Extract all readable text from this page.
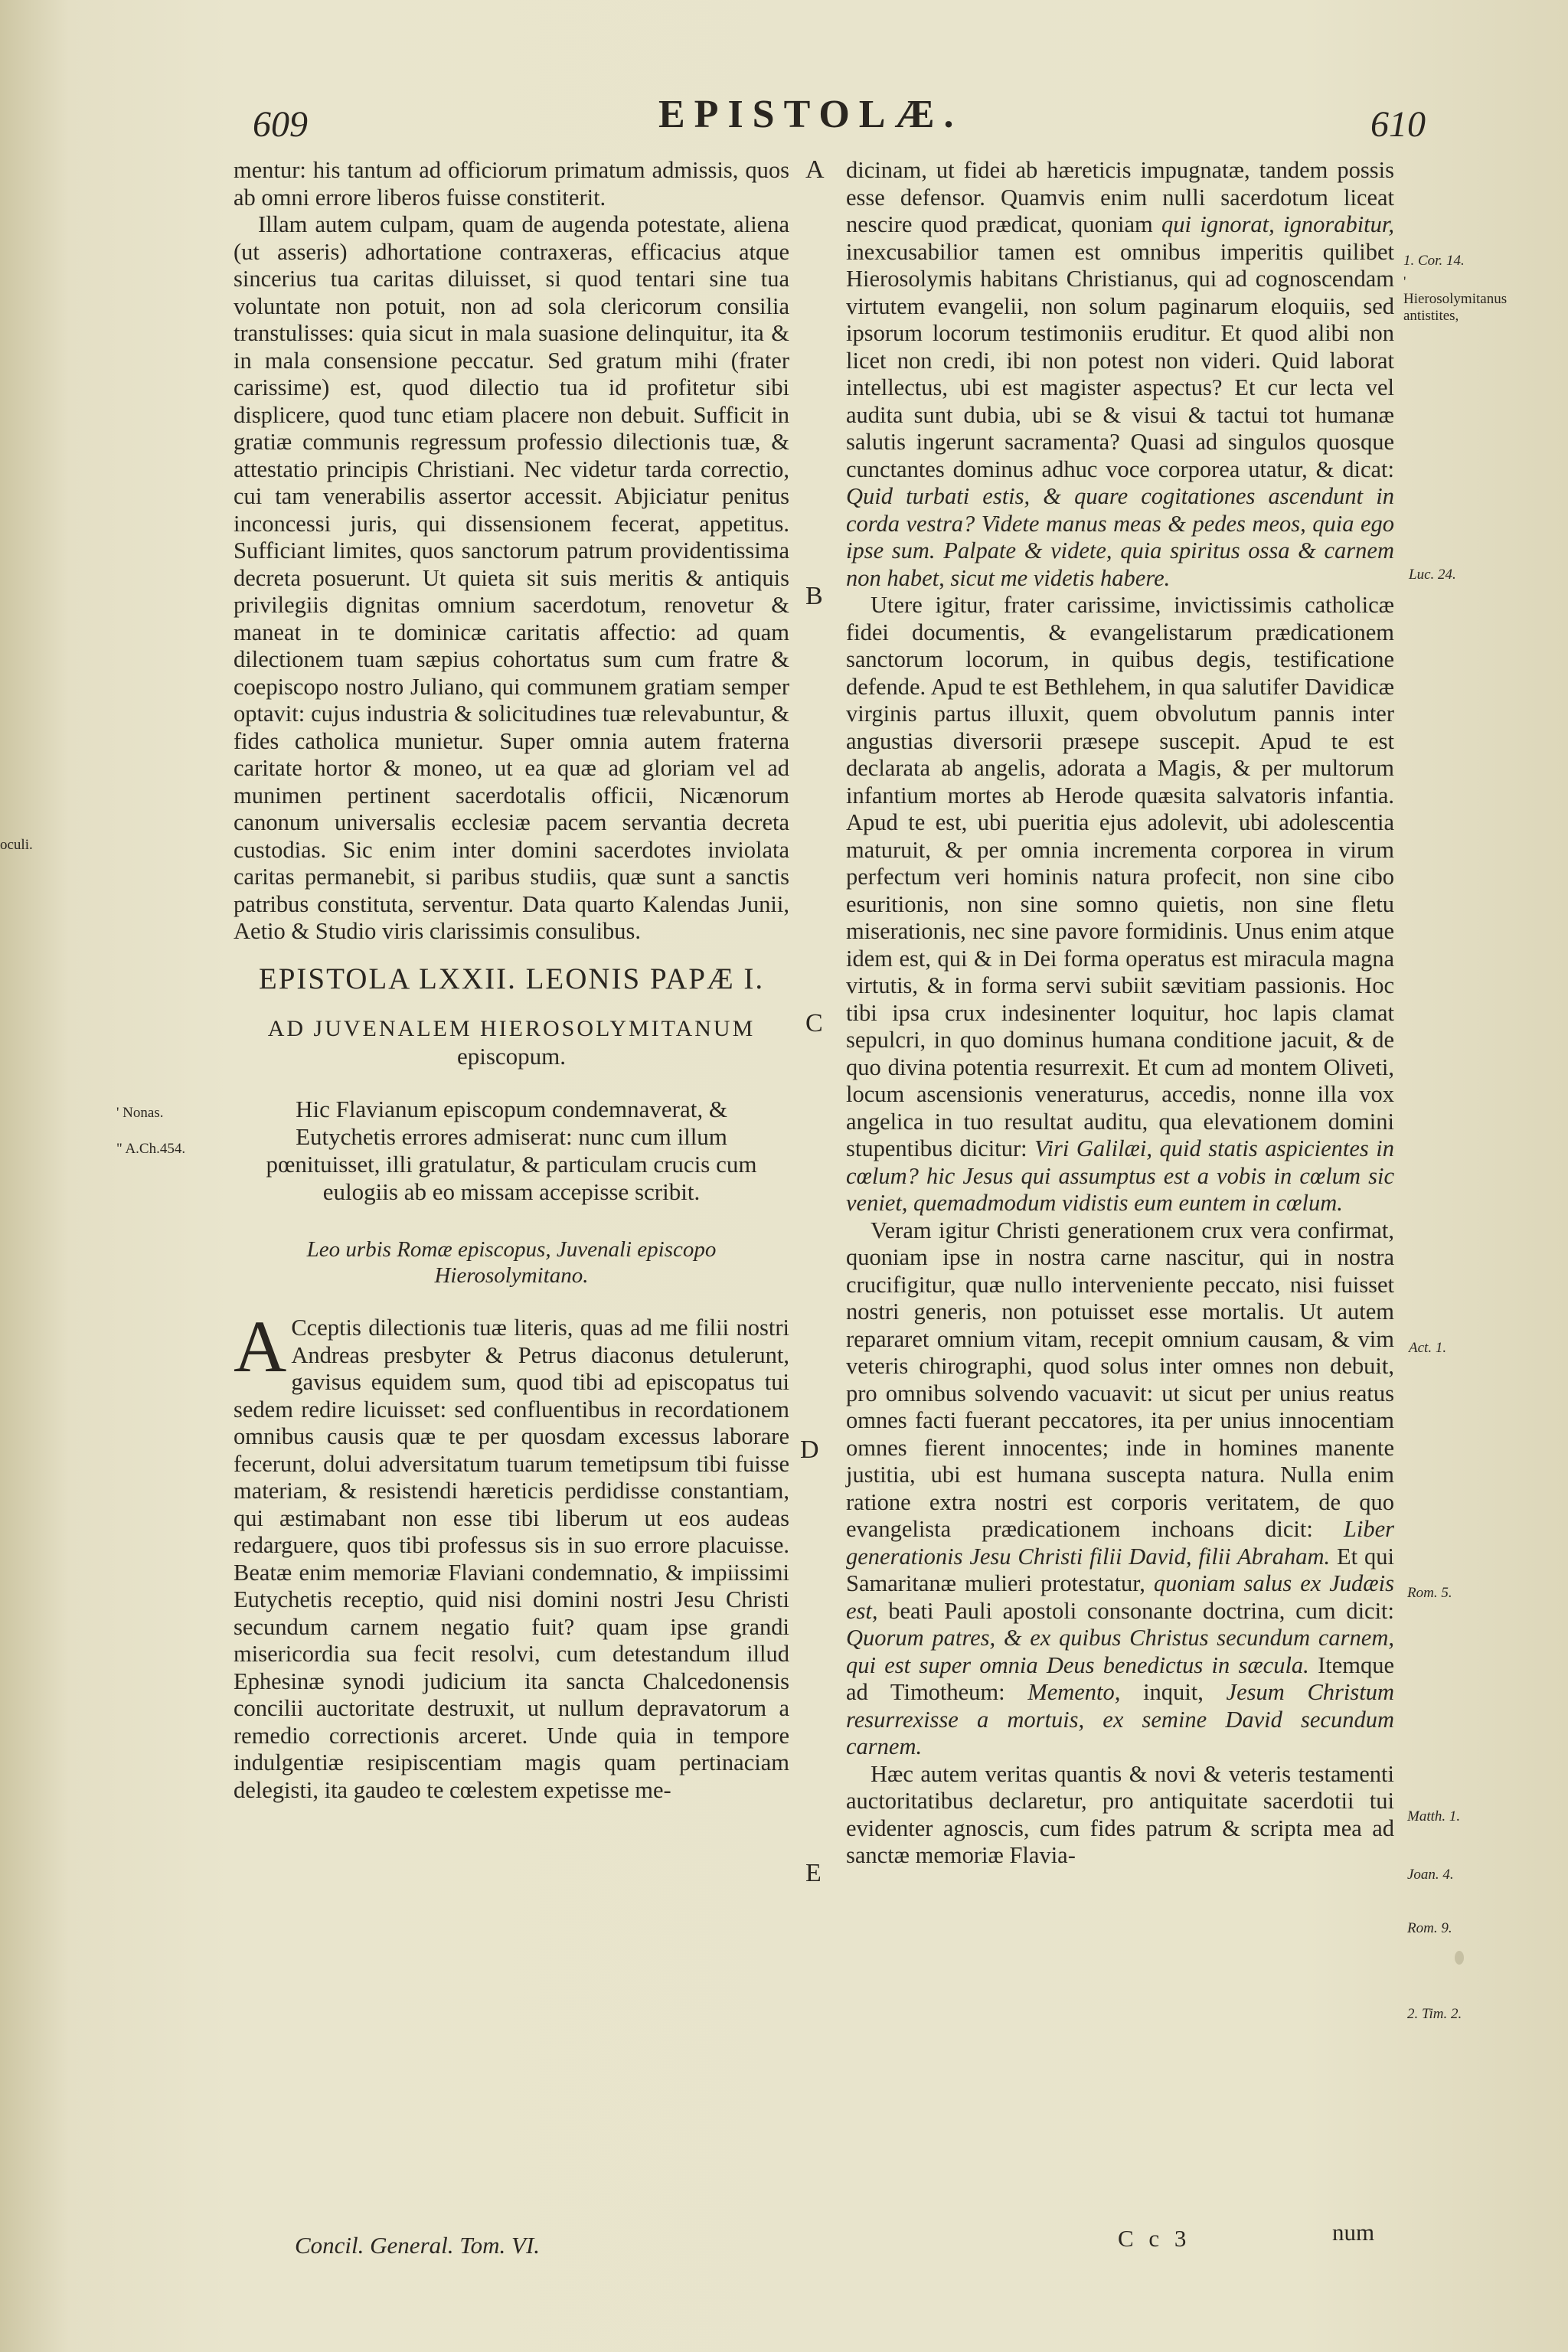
609	EPISTOLÆ.	610

mentur: his tantum ad officiorum primatum admissis, quos ab omni errore liberos fuisse constiterit.

Illam autem culpam, quam de augenda potestate, aliena (ut asseris) adhortatione contraxeras, efficacius atque sincerius tua caritas diluisset, si quod tentari sine tua voluntate non potuit, non ad sola clericorum consilia transtulisses: quia sicut in mala suasione delinquitur, ita & in mala consensione peccatur. Sed gratum mihi (frater carissime) est, quod dilectio tua id profitetur sibi displicere, quod tunc etiam placere non debuit. Sufficit in gratiæ communis regressum professio dilectionis tuæ, & attestatio principis Christiani. Nec videtur tarda correctio, cui tam venerabilis assertor accessit. Abjiciatur penitus inconcessi juris, qui dissensionem fecerat, appetitus. Sufficiant limites, quos sanctorum patrum providentissima decreta posuerunt. Ut quieta sit suis meritis & antiquis privilegiis dignitas omnium sacerdotum, renovetur & maneat in te dominicæ caritatis affectio: ad quam dilectionem tuam sæpius cohortatus sum cum fratre & coepiscopo nostro Juliano, qui communem gratiam semper optavit: cujus industria & solicitudines tuæ relevabuntur, & fides catholica munietur. Super omnia autem fraterna caritate hortor & moneo, ut ea quæ ad gloriam vel ad munimen pertinent sacerdotalis officii, Nicænorum canonum universalis ecclesiæ pacem servantia decreta custodias. Sic enim inter domini sacerdotes inviolata caritas permanebit, si paribus studiis, quæ sunt a sanctis patribus constituta, serventur. Data quarto Kalendas Junii, Aetio & Studio viris clarissimis consulibus.

EPISTOLA LXXII. LEONIS PAPÆ I.
AD JUVENALEM HIEROSOLYMITANUM
episcopum.
Hic Flavianum episcopum condemnaverat, & Eutychetis errores admiserat: nunc cum illum pœnituisset, illi gratulatur, & particulam crucis cum eulogiis ab eo missam accepisse scribit.
Leo urbis Romæ episcopus, Juvenali episcopo Hierosolymitano.

A Cceptis dilectionis tuæ literis, quas ad me filii nostri Andreas presbyter & Petrus diaconus detulerunt, gavisus equidem sum, quod tibi ad episcopatus tui sedem redire licuisset: sed confluentibus in recordationem omnibus causis quæ te per quosdam excessus laborare fecerunt, dolui adversitatum tuarum temetipsum tibi fuisse materiam, & resistendi hæreticis perdidisse constantiam, qui æstimabant non esse tibi liberum ut eos audeas redarguere, quos tibi professus sis in suo errore placuisse. Beatæ enim memoriæ Flaviani condemnatio, & impiissimi Eutychetis receptio, quid nisi domini nostri Jesu Christi secundum carnem negatio fuit? quam ipse grandi misericordia sua fecit resolvi, cum detestandum illud Ephesinæ synodi judicium ita sancta Chalcedonensis concilii auctoritate destruxit, ut nullum depravatorum a remedio correctionis arceret. Unde quia in tempore indulgentiæ resipiscentiam magis quam pertinaciam delegisti, ita gaudeo te cœlestem expetisse me-

dicinam, ut fidei ab hæreticis impugnatæ, tandem possis esse defensor. Quamvis enim nulli sacerdotum liceat nescire quod prædicat, quoniam qui ignorat, ignorabitur, inexcusabilior tamen est omnibus imperitis quilibet Hierosolymis habitans Christianus, qui ad cognoscendam virtutem evangelii, non solum paginarum eloquiis, sed ipsorum locorum testimoniis eruditur. Et quod alibi non licet non credi, ibi non potest non videri. Quid laborat intellectus, ubi est magister aspectus? Et cur lecta vel audita sunt dubia, ubi se & visui & tactui tot humanæ salutis ingerunt sacramenta? Quasi ad singulos quosque cunctantes dominus adhuc voce corporea utatur, & dicat: Quid turbati estis, & quare cogitationes ascendunt in corda vestra? Videte manus meas & pedes meos, quia ego ipse sum. Palpate & videte, quia spiritus ossa & carnem non habet, sicut me videtis habere.

Utere igitur, frater carissime, invictissimis catholicæ fidei documentis, & evangelistarum prædicationem sanctorum locorum, in quibus degis, testificatione defende. Apud te est Bethlehem, in qua salutifer Davidicæ virginis partus illuxit, quem obvolutum pannis inter angustias diversorii præsepe suscepit. Apud te est declarata ab angelis, adorata a Magis, & per multorum infantium mortes ab Herode quæsita salvatoris infantia. Apud te est, ubi pueritia ejus adolevit, ubi adolescentia maturuit, & per omnia incrementa corporea in virum perfectum veri hominis natura profecit, non sine cibo esuritionis, non sine somno quietis, non sine fletu miserationis, nec sine pavore formidinis. Unus enim atque idem est, qui & in Dei forma operatus est miracula magna virtutis, & in forma servi subiit sævitiam passionis. Hoc tibi ipsa crux indesinenter loquitur, hoc lapis clamat sepulcri, in quo dominus humana conditione jacuit, & de quo divina potentia resurrexit. Et cum ad montem Oliveti, locum ascensionis veneraturus, accedis, nonne illa vox angelica in tuo resultat auditu, qua elevationem domini stupentibus dicitur: Viri Galilæi, quid statis aspicientes in cœlum? hic Jesus qui assumptus est a vobis in cœlum sic veniet, quemadmodum vidistis eum euntem in cœlum.

Veram igitur Christi generationem crux vera confirmat, quoniam ipse in nostra carne nascitur, qui in nostra crucifigitur, quæ nullo interveniente peccato, nisi fuisset nostri generis, non potuisset esse mortalis. Ut autem repararet omnium vitam, recepit omnium causam, & vim veteris chirographi, quod solus inter omnes non debuit, pro omnibus solvendo vacuavit: ut sicut per unius reatus omnes facti fuerant peccatores, ita per unius innocentiam omnes fierent innocentes; inde in homines manente justitia, ubi est humana suscepta natura. Nulla enim ratione extra nostri est corporis veritatem, de quo evangelista prædicationem inchoans dicit: Liber generationis Jesu Christi filii David, filii Abraham. Et qui Samaritanæ mulieri protestatur, quoniam salus ex Judæis est, beati Pauli apostoli consonante doctrina, cum dicit: Quorum patres, & ex quibus Christus secundum carnem, qui est super omnia Deus benedictus in sæcula. Itemque ad Timotheum: Memento, inquit, Jesum Christum resurrexisse a mortuis, ex semine David secundum carnem.

Hæc autem veritas quantis & novi & veteris testamenti auctoritatibus declaretur, pro antiquitate sacerdotii tui evidenter agnoscis, cum fides patrum & scripta mea ad sanctæ memoriæ Flaviа-

A
B
C
D
E
oculi.
' Nonas.
" A.Ch.454.
1. Cor. 14.
' Hierosolymitanus antistites,
Luc. 24.
Act. 1.
Rom. 5.
Matth. 1.
Joan. 4.
Rom. 9.
2. Tim. 2.
Concil. General. Tom. VI.	C c 3	num
